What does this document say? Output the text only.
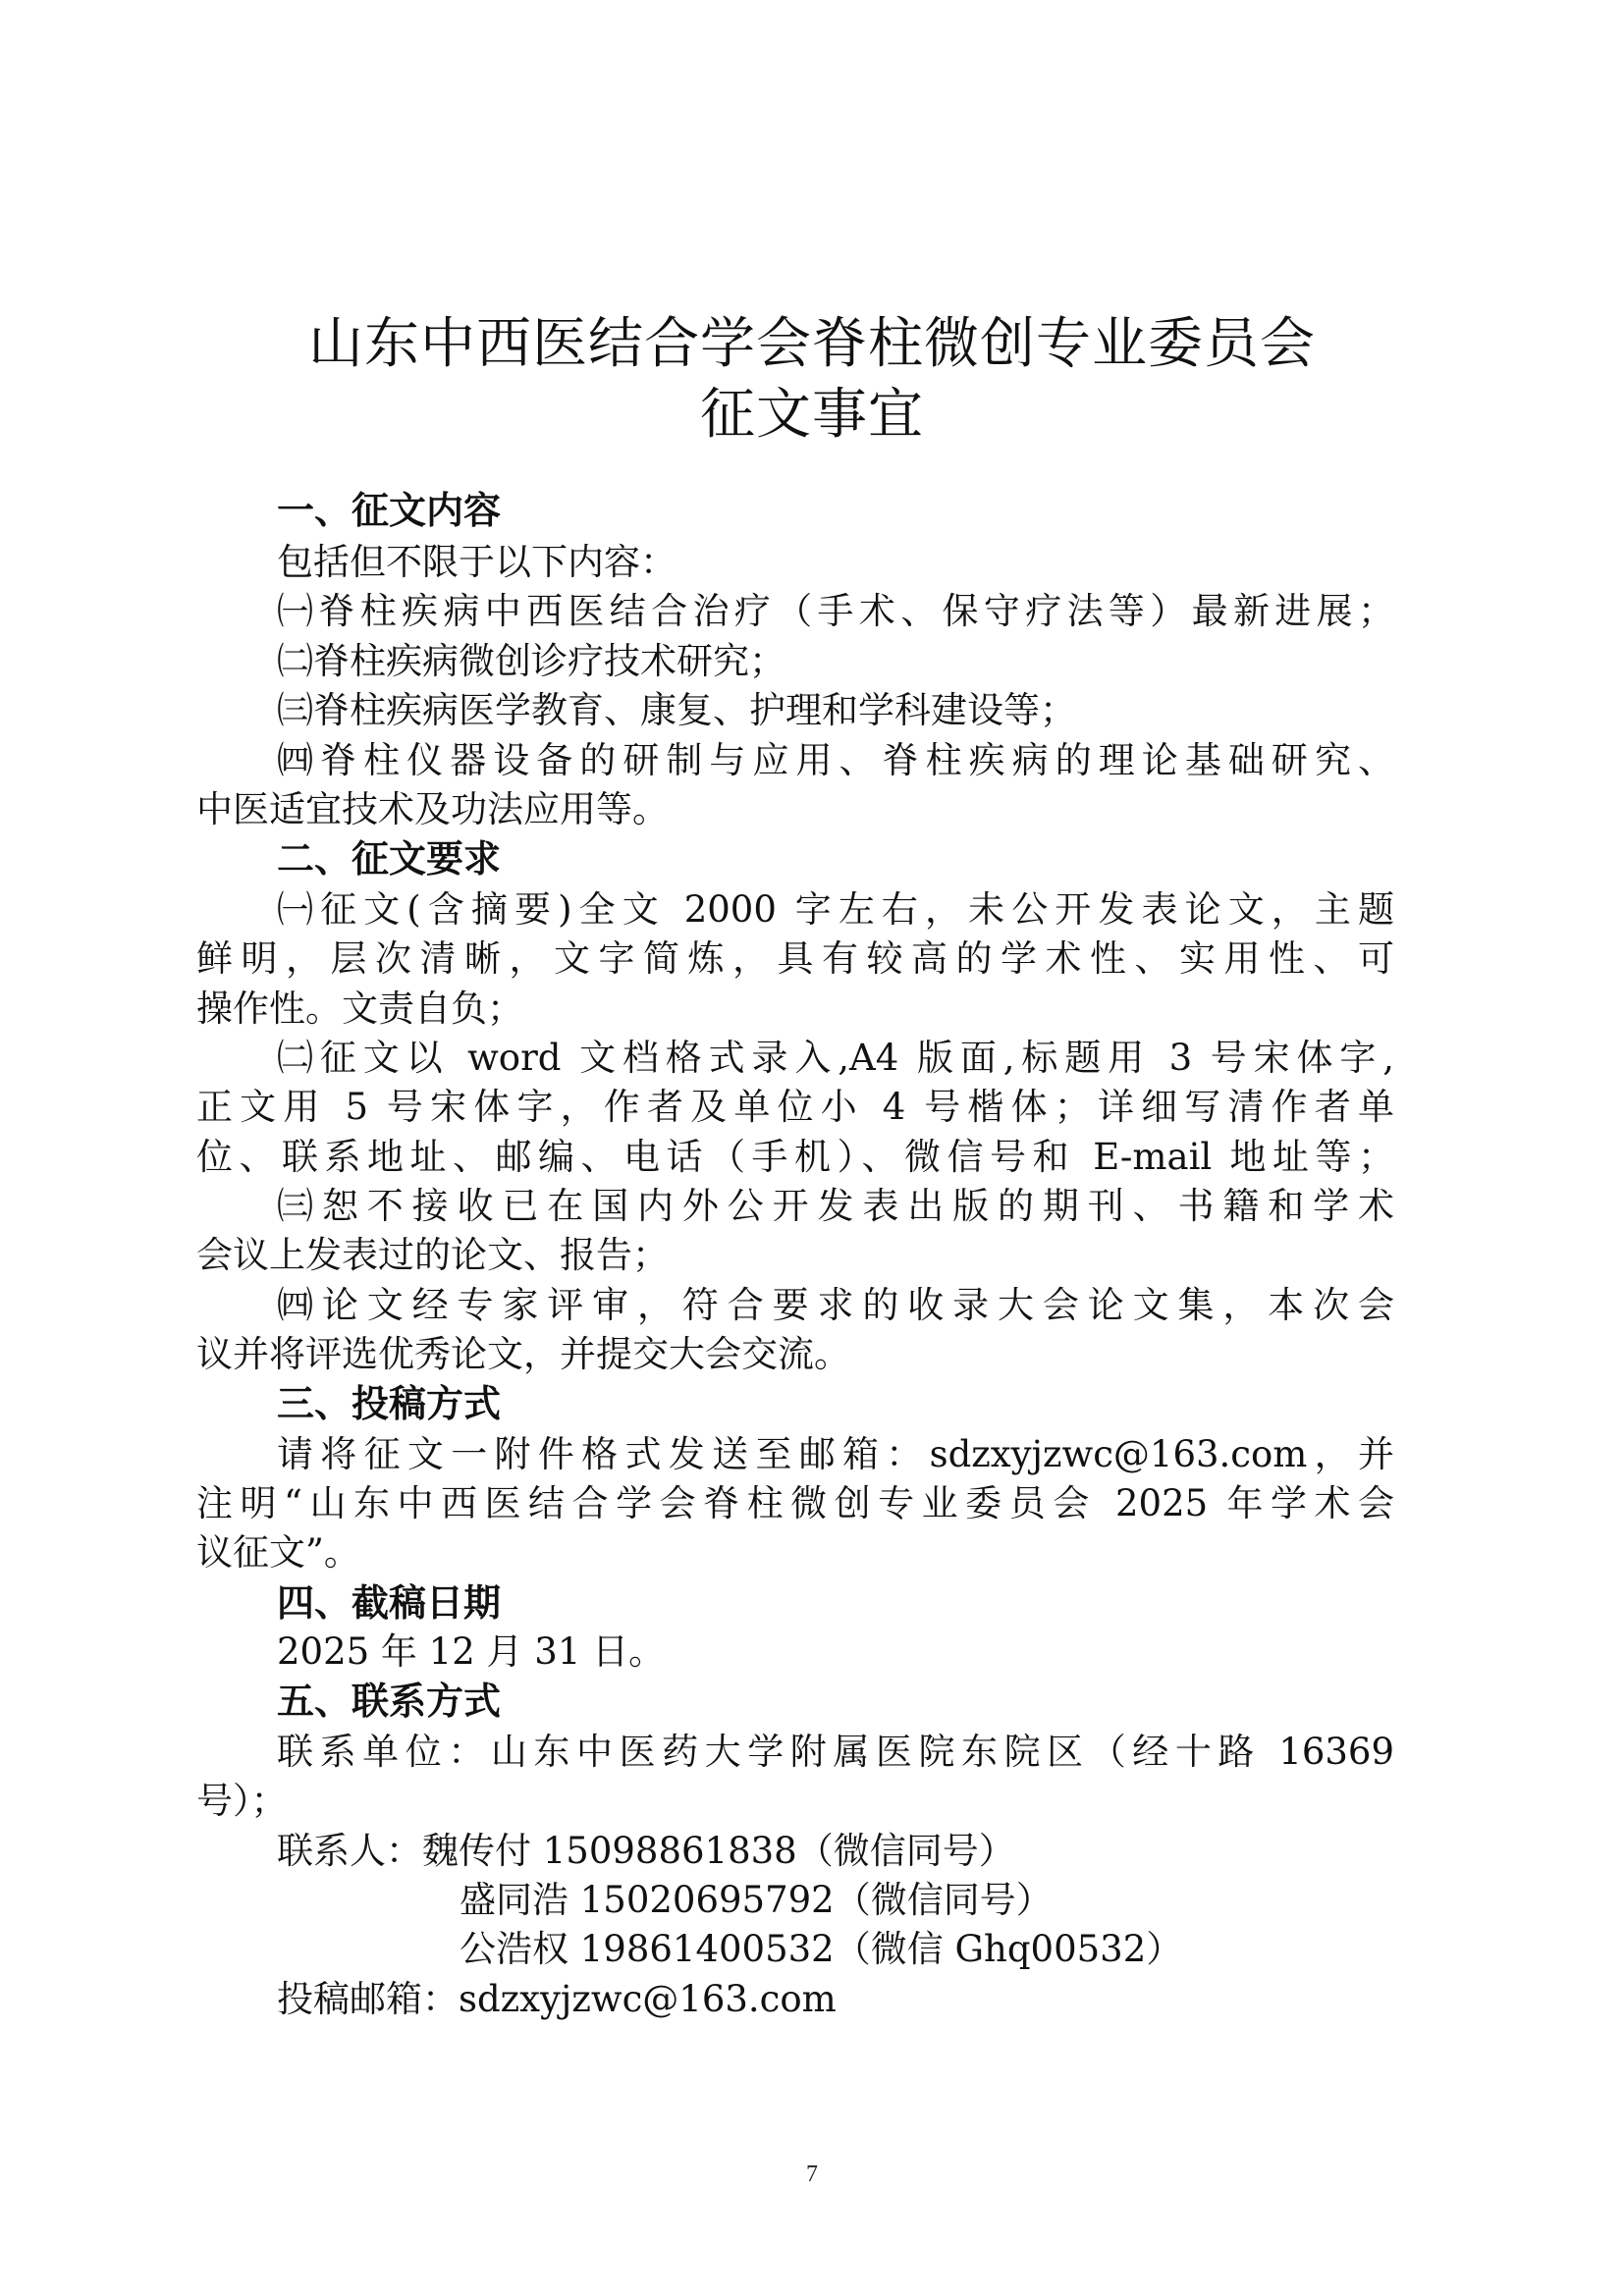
山东中西医结合学会脊柱微创专业委员会
征文事宜
一、征文内容
包括但不限于以下内容：
㈠脊柱疾病中西医结合治疗（手术、保守疗法等）最新进展；
㈡脊柱疾病微创诊疗技术研究；
㈢脊柱疾病医学教育、康复、护理和学科建设等；
㈣脊柱仪器设备的研制与应用、脊柱疾病的理论基础研究、
中医适宜技术及功法应用等。
二、征文要求
㈠征文(含摘要)全文 2000 字左右，未公开发表论文，主题
鲜明，层次清晰，文字简炼，具有较高的学术性、实用性、可
操作性。文责自负；
㈡征文以 word 文档格式录入,A4 版面,标题用 3 号宋体字,
正文用 5 号宋体字，作者及单位小 4 号楷体；详细写清作者单
位、联系地址、邮编、电话（手机）、微信号和 E-mail 地址等；
㈢恕不接收已在国内外公开发表出版的期刊、书籍和学术
会议上发表过的论文、报告；
㈣论文经专家评审，符合要求的收录大会论文集，本次会
议并将评选优秀论文，并提交大会交流。
三、投稿方式
请将征文一附件格式发送至邮箱：sdzxyjzwc@163.com，并
注明“山东中西医结合学会脊柱微创专业委员会 2025 年学术会
议征文”。
四、截稿日期
2025 年 12 月 31 日。
五、联系方式
联系单位：山东中医药大学附属医院东院区（经十路 16369
号）；
联系人：魏传付 15098861838（微信同号）
盛同浩 15020695792（微信同号）
公浩权 19861400532（微信 Ghq00532）
投稿邮箱：sdzxyjzwc@163.com
7
